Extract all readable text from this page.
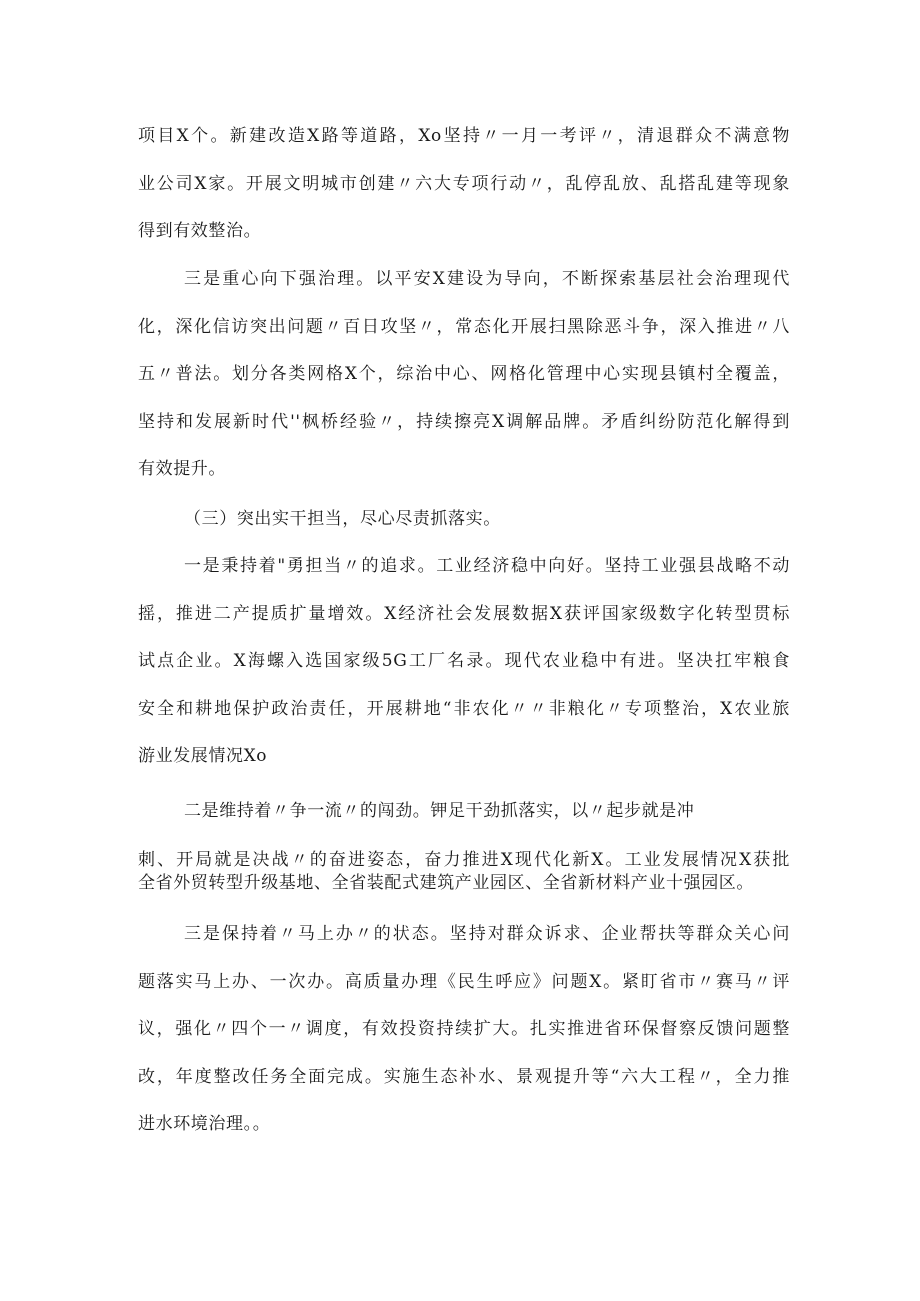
项目X个。新建改造X路等道路，Xo坚持〃一月一考评〃，清退群众不满意物
业公司X家。开展文明城市创建〃六大专项行动〃，乱停乱放、乱搭乱建等现象
得到有效整治。

三是重心向下强治理。以平安X建设为导向，不断探索基层社会治理现代
化，深化信访突出问题〃百日攻坚〃，常态化开展扫黑除恶斗争，深入推进〃八
五〃普法。划分各类网格X个，综治中心、网格化管理中心实现县镇村全覆盖，
坚持和发展新时代''枫桥经验〃，持续擦亮X调解品牌。矛盾纠纷防范化解得到
有效提升。

（三）突出实干担当，尽心尽责抓落实。

一是秉持着"勇担当〃的追求。工业经济稳中向好。坚持工业强县战略不动
摇，推进二产提质扩量增效。X经济社会发展数据X获评国家级数字化转型贯标
试点企业。X海螺入选国家级5G工厂名录。现代农业稳中有进。坚决扛牢粮食
安全和耕地保护政治责任，开展耕地“非农化〃〃非粮化〃专项整治，X农业旅
游业发展情况Xo

二是维持着〃争一流〃的闯劲。钾足干劲抓落实，以〃起步就是冲

刺、开局就是决战〃的奋进姿态，奋力推进X现代化新X。工业发展情况X获批
全省外贸转型升级基地、全省装配式建筑产业园区、全省新材料产业十强园区。

三是保持着〃马上办〃的状态。坚持对群众诉求、企业帮扶等群众关心问
题落实马上办、一次办。高质量办理《民生呼应》问题X。紧盯省市〃赛马〃评
议，强化〃四个一〃调度，有效投资持续扩大。扎实推进省环保督察反馈问题整
改，年度整改任务全面完成。实施生态补水、景观提升等“六大工程〃，全力推
进水环境治理。。
